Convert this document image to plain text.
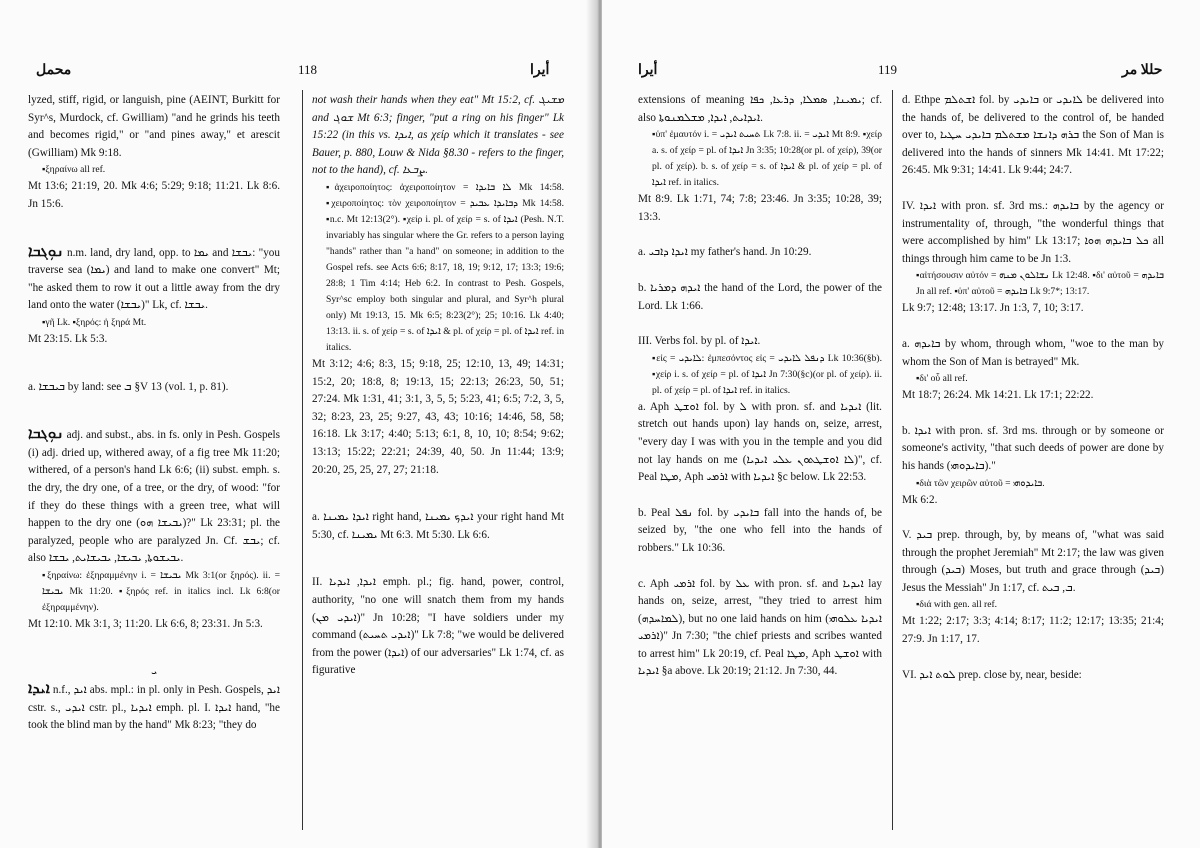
محمل	118	أيرا

lyzed, stiff, rigid, or languish, pine (AEINT, Burkitt for Syr^s, Murdock, cf. Gwilliam) "and he grinds his teeth and becomes rigid," or "and pines away," et arescit (Gwilliam) Mk 9:18.

▪ξηραίνω all ref.

Mt 13:6; 21:19, 20. Mk 4:6; 5:29; 9:18; 11:21. Lk 8:6. Jn 15:6.

ܢܘܼܓܒܐ n.m. land, dry land, opp. to ܝܡܐ and ܝܒܫܐ: "you traverse sea (ܝܡܐ) and land to make one convert" Mt; "he asked them to row it out a little away from the dry land onto the water (ܝܒܫܐ)" Lk, cf. ܝܒܫܐ.

▪γῆ Lk. ▪ξηρός: ἡ ξηρά Mt.

Mt 23:15. Lk 5:3.

a. ܒܝܒܫܐ by land: see ܒ §V 13 (vol. 1, p. 81).

ܢܘܼܓܒܐ adj. and subst., abs. in fs. only in Pesh. Gospels (i) adj. dried up, withered away, of a fig tree Mk 11:20; withered, of a person's hand Lk 6:6; (ii) subst. emph. s. the dry, the dry one, of a tree, or the dry, of wood: "for if they do these things with a green tree, what will happen to the dry one (ܝܒܝܫܐ ܗܘ)?" Lk 23:31; pl. the paralyzed, people who are paralyzed Jn. Cf. ܝܒܫ; cf. also ܝܒܝܫܘܬܐ, ܝܒܝܫܐ, ܝܒܝܫܐܝܬ, ܝܒܫܐ.

▪ξηραίνω: ἐξηραμμένην i. = ܝܒܝܫܐ Mk 3:1(or ξηρός). ii. = ܝܒܝܫܐ Mk 11:20. ▪ξηρός ref. in italics incl. Lk 6:8(or ἐξηραμμένην).

Mt 12:10. Mk 3:1, 3; 11:20. Lk 6:6, 8; 23:31. Jn 5:3.

ܝ

ܐܝܕܐ n.f., ܐܝܕ abs. mpl.: in pl. only in Pesh. Gospels, ܐܝܕ cstr. s., ܐܝܕܝ cstr. pl., ܐܝܕܝܐ emph. pl. I. ܐܝܕܐ hand, "he took the blind man by the hand" Mk 8:23; "they do

not wash their hands when they eat" Mt 15:2, cf. ܡܫܝܓ and ܫܘܓ Mt 6:3; finger, "put a ring on his finger" Lk 15:22 (in this vs. ܐܝܕܐ, as χείρ which it translates - see Bauer, p. 880, Louw & Nida §8.30 - refers to the finger, not to the hand), cf. ܨܒܥܐ.

▪ἀχειροποίητος: ἀχειροποίητον = ܠܐ ܒܐܝܕܐ Mk 14:58. ▪χειροποίητος: τὸν χειροποίητον = ܕܒܐܝܕܐ ܥܒܝܕ Mk 14:58. ▪n.c. Mt 12:13(2°). ▪χείρ i. pl. of χείρ = s. of ܐܝܕܐ (Pesh. N.T. invariably has singular where the Gr. refers to a person laying "hands" rather than "a hand" on someone; in addition to the Gospel refs. see Acts 6:6; 8:17, 18, 19; 9:12, 17; 13:3; 19:6; 28:8; 1 Tim 4:14; Heb 6:2. In contrast to Pesh. Gospels, Syr^sc employ both singular and plural, and Syr^h plural only) Mt 19:13, 15. Mk 6:5; 8:23(2°); 25; 10:16. Lk 4:40; 13:13. ii. s. of χείρ = s. of ܐܝܕܐ & pl. of χείρ = pl. of ܐܝܕܐ ref. in italics.

Mt 3:12; 4:6; 8:3, 15; 9:18, 25; 12:10, 13, 49; 14:31; 15:2, 20; 18:8, 8; 19:13, 15; 22:13; 26:23, 50, 51; 27:24. Mk 1:31, 41; 3:1, 3, 5, 5; 5:23, 41; 6:5; 7:2, 3, 5, 32; 8:23, 23, 25; 9:27, 43, 43; 10:16; 14:46, 58, 58; 16:18. Lk 3:17; 4:40; 5:13; 6:1, 8, 10, 10; 8:54; 9:62; 13:13; 15:22; 22:21; 24:39, 40, 50. Jn 11:44; 13:9; 20:20, 25, 25, 27, 27; 21:18.

a. ܐܝܕܐ ܝܡܝܢܐ right hand, ܐܝܕܟ ܝܡܝܢܐ your right hand Mt 5:30, cf. ܝܡܝܢܐ Mt 6:3. Mt 5:30. Lk 6:6.

II. ܐܝܕܐ, ܐܝܕܝܐ emph. pl.; fig. hand, power, control, authority, "no one will snatch them from my hands (ܐܝܕܝ ܡܢ)" Jn 10:28; "I have soldiers under my command (ܐܝܕܝ ܬܚܝܬ)" Lk 7:8; "we would be delivered from the power (ܐܝܕܐ) of our adversaries" Lk 1:74, cf. as figurative

أيرا	119	حللا مر

extensions of meaning ܝܡܝܢܐ, ܣܡܠܐ, ܕܪܥܐ, ܟܦܐ; cf. also ܐܝܕܐܝܬ, ܐܝܕܐ, ܡܫܠܡܢܘܬܐ.

▪ὑπ' ἐμαυτόν i. = ܬܚܝܬ ܐܝܕܝ Lk 7:8. ii. = ܐܝܕܝ Mt 8:9. ▪χείρ a. s. of χείρ = pl. of ܐܝܕܐ Jn 3:35; 10:28(or pl. of χείρ), 39(or pl. of χείρ). b. s. of χείρ = s. of ܐܝܕܐ & pl. of χείρ = pl. of ܐܝܕܐ ref. in italics.

Mt 8:9. Lk 1:71, 74; 7:8; 23:46. Jn 3:35; 10:28, 39; 13:3.

a. ܐܝܕܐ ܕܐܒܝ my father's hand. Jn 10:29.

b. ܐܝܕܗ ܕܡܪܝܐ the hand of the Lord, the power of the Lord. Lk 1:66.

III. Verbs fol. by pl. of ܐܝܕܐ.

▪εἰς = ܠܐܝܕܝ: ἐμπεσόντος εἰς = ܕܢܦܠ ܠܐܝܕܝ Lk 10:36(§b). ▪χείρ i. s. of χείρ = pl. of ܐܝܕܐ Jn 7:30(§c)(or pl. of χείρ). ii. pl. of χείρ = pl. of ܐܝܕܐ ref. in italics.

a. Aph ܐܘܫܛ fol. by ܠ with pron. sf. and ܐܝܕܝܐ (lit. stretch out hands upon) lay hands on, seize, arrest, "every day I was with you in the temple and you did not lay hands on me (ܠܐ ܐܘܫܛܬܘܢ ܥܠܝ ܐܝܕܝܐ)", cf. Peal ܡܛܐ, Aph ܐܪܡܝ with ܐܝܕܝܐ §c below. Lk 22:53.

b. Peal ܢܦܠ fol. by ܒܐܝܕܝ fall into the hands of, be seized by, "the one who fell into the hands of robbers." Lk 10:36.

c. Aph ܐܪܡܝ fol. by ܥܠ with pron. sf. and ܐܝܕܝܐ lay hands on, seize, arrest, "they tried to arrest him (ܠܡܐܚܕܗ), but no one laid hands on him (ܐܝܕܝܐ ܥܠܘܗܝ ܐܪܡܝ)" Jn 7:30; "the chief priests and scribes wanted to arrest him" Lk 20:19, cf. Peal ܡܛܐ, Aph ܐܘܫܛ with ܐܝܕܝܐ §a above. Lk 20:19; 21:12. Jn 7:30, 44.

d. Ethpe ܐܫܬܠܡ fol. by ܒܐܝܕܝ or ܠܐܝܕܝ be delivered into the hands of, be delivered to the control of, be handed over to, ܒܪܗ ܕܐܢܫܐ ܡܫܬܠܡ ܒܐܝܕܝ ܚܛܝܐ the Son of Man is delivered into the hands of sinners Mk 14:41. Mt 17:22; 26:45. Mk 9:31; 14:41. Lk 9:44; 24:7.

IV. ܐܝܕܐ with pron. sf. 3rd ms.: ܒܐܝܕܗ by the agency or instrumentality of, through, "the wonderful things that were accomplished by him" Lk 13:17; ܟܠ ܒܐܝܕܗ ܗܘܐ all things through him came to be Jn 1:3.

▪αἰτήσουσιν αὐτόν = ܢܫܐܠܘܢ ܡܢܗ Lk 12:48. ▪δι' αὐτοῦ = ܒܐܝܕܗ Jn all ref. ▪ὑπ' αὐτοῦ = ܒܐܝܕܗ Lk 9:7*; 13:17.

Lk 9:7; 12:48; 13:17. Jn 1:3, 7, 10; 3:17.

a. ܒܐܝܕܗ by whom, through whom, "woe to the man by whom the Son of Man is betrayed" Mk.

▪δι' οὗ all ref.

Mt 18:7; 26:24. Mk 14:21. Lk 17:1; 22:22.

b. ܐܝܕܐ with pron. sf. 3rd ms. through or by someone or someone's activity, "that such deeds of power are done by his hands (ܒܐܝܕܘܗܝ)."

▪διὰ τῶν χειρῶν αὐτοῦ = ܒܐܝܕܘܗܝ.

Mk 6:2.

V. ܒܝܕ prep. through, by, by means of, "what was said through the prophet Jeremiah" Mt 2:17; the law was given through (ܒܝܕ) Moses, but truth and grace through (ܒܝܕ) Jesus the Messiah" Jn 1:17, cf. ܒ, ܒܝܬ.

▪διά with gen. all ref.

Mt 1:22; 2:17; 3:3; 4:14; 8:17; 11:2; 12:17; 13:35; 21:4; 27:9. Jn 1:17, 17.

VI. ܠܘܬ ܐܝܕ prep. close by, near, beside:
